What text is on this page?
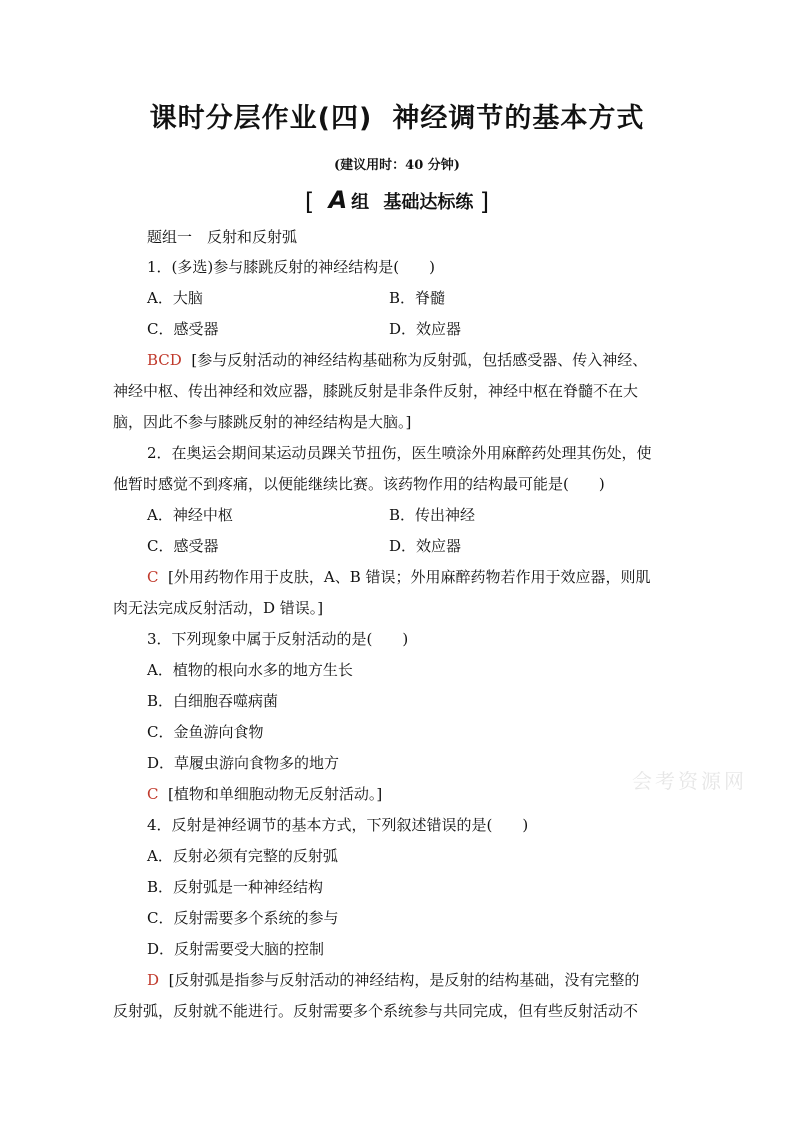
课时分层作业(四) 神经调节的基本方式
(建议用时：40 分钟)
[ A 组 基础达标练 ]
题组一　反射和反射弧
1．(多选)参与膝跳反射的神经结构是(　　)
A．大脑	B．脊髓
C．感受器	D．效应器
BCD [参与反射活动的神经结构基础称为反射弧，包括感受器、传入神经、
神经中枢、传出神经和效应器，膝跳反射是非条件反射，神经中枢在脊髓不在大
脑，因此不参与膝跳反射的神经结构是大脑。]
2．在奥运会期间某运动员踝关节扭伤，医生喷涂外用麻醉药处理其伤处，使
他暂时感觉不到疼痛，以便能继续比赛。该药物作用的结构最可能是(　　)
A．神经中枢	B．传出神经
C．感受器	D．效应器
C [外用药物作用于皮肤，A、B 错误；外用麻醉药物若作用于效应器，则肌
肉无法完成反射活动，D 错误。]
3．下列现象中属于反射活动的是(　　)
A．植物的根向水多的地方生长
B．白细胞吞噬病菌
C．金鱼游向食物
D．草履虫游向食物多的地方
C [植物和单细胞动物无反射活动。]
4．反射是神经调节的基本方式，下列叙述错误的是(　　)
A．反射必须有完整的反射弧
B．反射弧是一种神经结构
C．反射需要多个系统的参与
D．反射需要受大脑的控制
D [反射弧是指参与反射活动的神经结构，是反射的结构基础，没有完整的
反射弧，反射就不能进行。反射需要多个系统参与共同完成，但有些反射活动不
会考资源网
